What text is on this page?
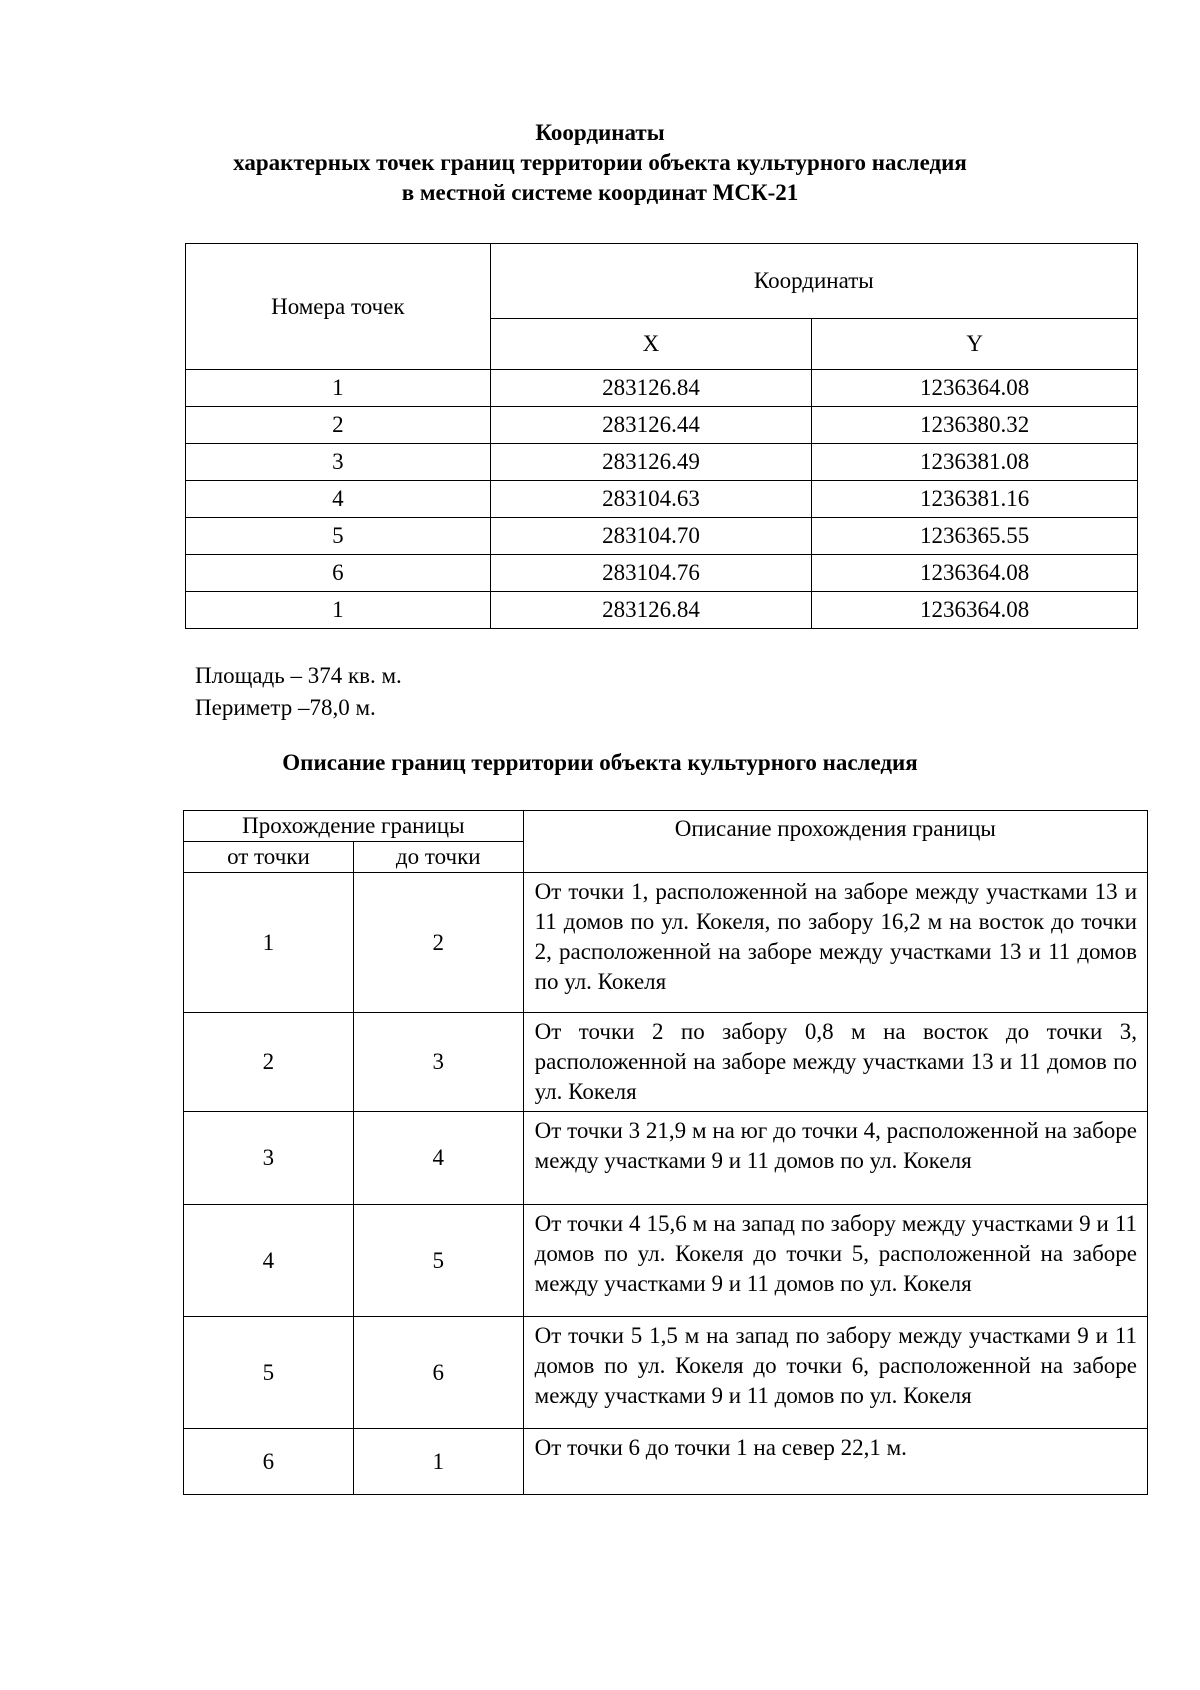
Координаты
характерных точек границ территории объекта культурного наследия
в местной системе координат МСК-21
Номера точек	Координаты	
	X	Y
1	283126.84	1236364.08
2	283126.44	1236380.32
3	283126.49	1236381.08
4	283104.63	1236381.16
5	283104.70	1236365.55
6	283104.76	1236364.08
1	283126.84	1236364.08
Площадь – 374 кв. м.
Периметр –78,0 м.
Описание границ территории объекта культурного наследия
Прохождение границы		Описание прохождения границы
от точки	до точки	
1	2	От точки 1, расположенной на заборе между участками 13 и 11 домов по ул. Кокеля, по забору 16,2 м на восток до точки 2, расположенной на заборе между участками 13 и 11 домов по ул. Кокеля
2	3	От точки 2 по забору 0,8 м на восток до точки 3, расположенной на заборе между участками 13 и 11 домов по ул. Кокеля
3	4	От точки 3 21,9 м на юг до точки 4, расположенной на заборе между участками 9 и 11 домов по ул. Кокеля
4	5	От точки 4 15,6 м на запад по забору между участками 9 и 11 домов по ул. Кокеля до точки 5, расположенной на заборе между участками 9 и 11 домов по ул. Кокеля
5	6	От точки 5 1,5 м на запад по забору между участками 9 и 11 домов по ул. Кокеля до точки 6, расположенной на заборе между участками 9 и 11 домов по ул. Кокеля
6	1	От точки 6 до точки 1 на север 22,1 м.
